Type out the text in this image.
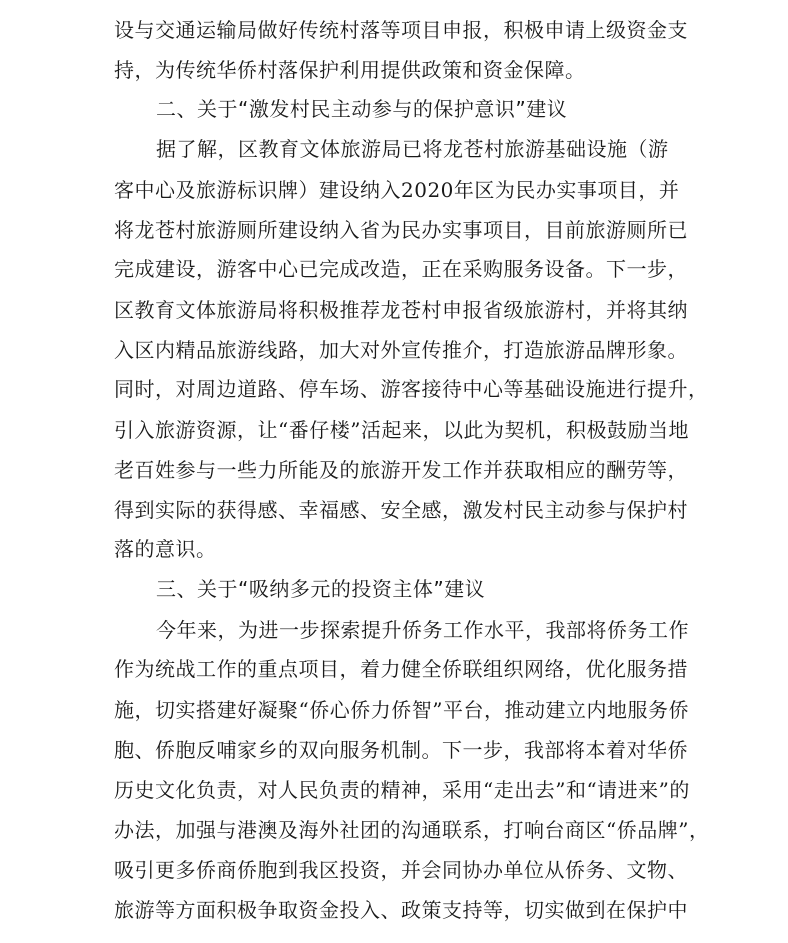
设与交通运输局做好传统村落等项目申报，积极申请上级资金支
持，为传统华侨村落保护利用提供政策和资金保障。
二、关于“激发村民主动参与的保护意识”建议
据了解，区教育文体旅游局已将龙苍村旅游基础设施（游
客中心及旅游标识牌）建设纳入2020年区为民办实事项目，并
将龙苍村旅游厕所建设纳入省为民办实事项目，目前旅游厕所已
完成建设，游客中心已完成改造，正在采购服务设备。下一步，
区教育文体旅游局将积极推荐龙苍村申报省级旅游村，并将其纳
入区内精品旅游线路，加大对外宣传推介，打造旅游品牌形象。
同时，对周边道路、停车场、游客接待中心等基础设施进行提升，
引入旅游资源，让“番仔楼”活起来，以此为契机，积极鼓励当地
老百姓参与一些力所能及的旅游开发工作并获取相应的酬劳等，
得到实际的获得感、幸福感、安全感，激发村民主动参与保护村
落的意识。
三、关于“吸纳多元的投资主体”建议
今年来，为进一步探索提升侨务工作水平，我部将侨务工作
作为统战工作的重点项目，着力健全侨联组织网络，优化服务措
施，切实搭建好凝聚“侨心侨力侨智”平台，推动建立内地服务侨
胞、侨胞反哺家乡的双向服务机制。下一步，我部将本着对华侨
历史文化负责，对人民负责的精神，采用“走出去”和“请进来”的
办法，加强与港澳及海外社团的沟通联系，打响台商区“侨品牌”，
吸引更多侨商侨胞到我区投资，并会同协办单位从侨务、文物、
旅游等方面积极争取资金投入、政策支持等，切实做到在保护中
